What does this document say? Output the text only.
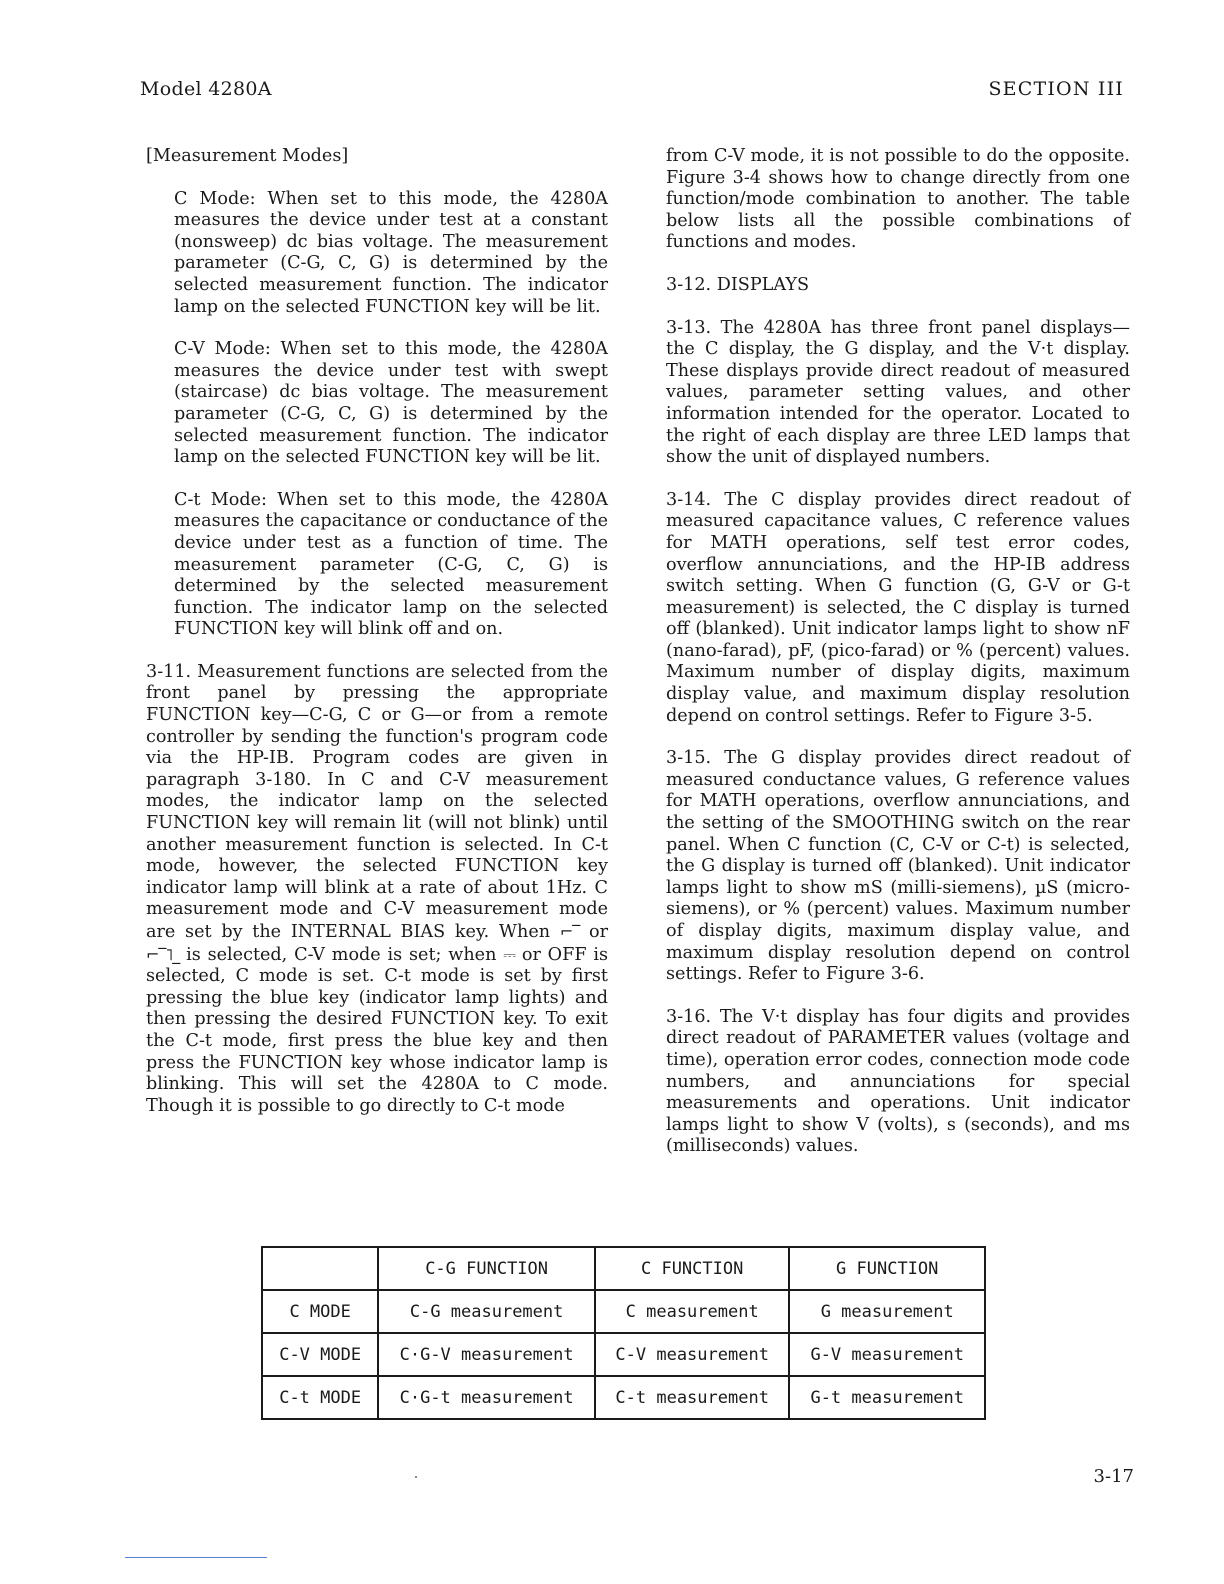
Model 4280A	SECTION III

[Measurement Modes]

C Mode: When set to this mode, the 4280A measures the device under test at a constant (nonsweep) dc bias voltage. The measurement parameter (C-G, C, G) is determined by the selected measurement function. The indicator lamp on the selected FUNCTION key will be lit.

C-V Mode: When set to this mode, the 4280A measures the device under test with swept (staircase) dc bias voltage. The measurement parameter (C-G, C, G) is determined by the selected measurement function. The indicator lamp on the selected FUNCTION key will be lit.

C-t Mode: When set to this mode, the 4280A measures the capacitance or conductance of the device under test as a function of time. The measurement parameter (C-G, C, G) is determined by the selected measurement function. The indicator lamp on the selected FUNCTION key will blink off and on.

3-11. Measurement functions are selected from the front panel by pressing the appropriate FUNCTION key—C-G, C or G—or from a remote controller by sending the function's program code via the HP-IB. Program codes are given in paragraph 3-180. In C and C-V measurement modes, the indicator lamp on the selected FUNCTION key will remain lit (will not blink) until another measurement function is selected. In C-t mode, however, the selected FUNCTION key indicator lamp will blink at a rate of about 1Hz. C measurement mode and C-V measurement mode are set by the INTERNAL BIAS key. When ⌐‾ or ⌐‾˥_ is selected, C-V mode is set; when ⎓ or OFF is selected, C mode is set. C-t mode is set by first pressing the blue key (indicator lamp lights) and then pressing the desired FUNCTION key. To exit the C-t mode, first press the blue key and then press the FUNCTION key whose indicator lamp is blinking. This will set the 4280A to C mode. Though it is possible to go directly to C-t mode

from C-V mode, it is not possible to do the opposite. Figure 3-4 shows how to change directly from one function/mode combination to another. The table below lists all the possible combinations of functions and modes.

3-12. DISPLAYS

3-13. The 4280A has three front panel displays—the C display, the G display, and the V·t display. These displays provide direct readout of measured values, parameter setting values, and other information intended for the operator. Located to the right of each display are three LED lamps that show the unit of displayed numbers.

3-14. The C display provides direct readout of measured capacitance values, C reference values for MATH operations, self test error codes, overflow annunciations, and the HP-IB address switch setting. When G function (G, G-V or G-t measurement) is selected, the C display is turned off (blanked). Unit indicator lamps light to show nF (nano-farad), pF, (pico-farad) or % (percent) values. Maximum number of display digits, maximum display value, and maximum display resolution depend on control settings. Refer to Figure 3-5.

3-15. The G display provides direct readout of measured conductance values, G reference values for MATH operations, overflow annunciations, and the setting of the SMOOTHING switch on the rear panel. When C function (C, C-V or C-t) is selected, the G display is turned off (blanked). Unit indicator lamps light to show mS (milli-siemens), µS (micro-siemens), or % (percent) values. Maximum number of display digits, maximum display value, and maximum display resolution depend on control settings. Refer to Figure 3-6.

3-16. The V·t display has four digits and provides direct readout of PARAMETER values (voltage and time), operation error codes, connection mode code numbers, and annunciations for special measurements and operations. Unit indicator lamps light to show V (volts), s (seconds), and ms (milliseconds) values.

	C-G FUNCTION	C FUNCTION	G FUNCTION
C MODE	C-G measurement	C measurement	G measurement
C-V MODE	C·G-V measurement	C-V measurement	G-V measurement
C-t MODE	C·G-t measurement	C-t measurement	G-t measurement
3-17
